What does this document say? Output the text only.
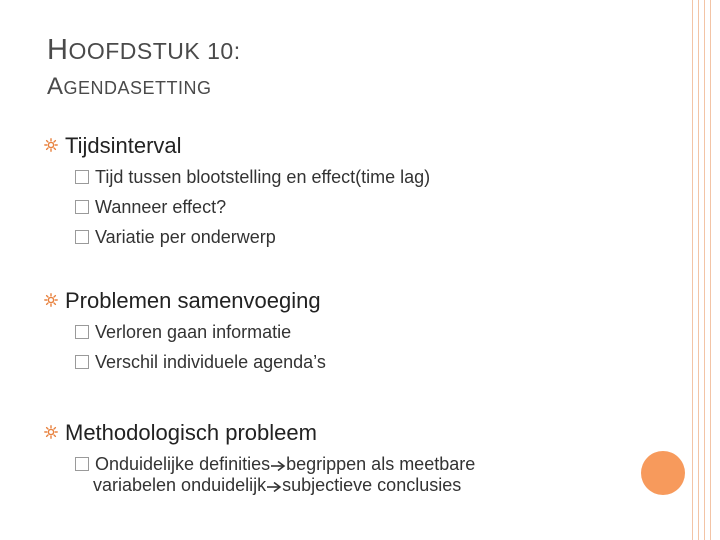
HOOFDSTUK 10:
AGENDASETTING
Tijdsinterval
Tijd tussen blootstelling en effect(time lag)
Wanneer effect?
Variatie per onderwerp
Problemen samenvoeging
Verloren gaan informatie
Verschil individuele agenda’s
Methodologisch probleem
Onduidelijke definities begrippen als meetbare
variabelen onduidelijk subjectieve conclusies
